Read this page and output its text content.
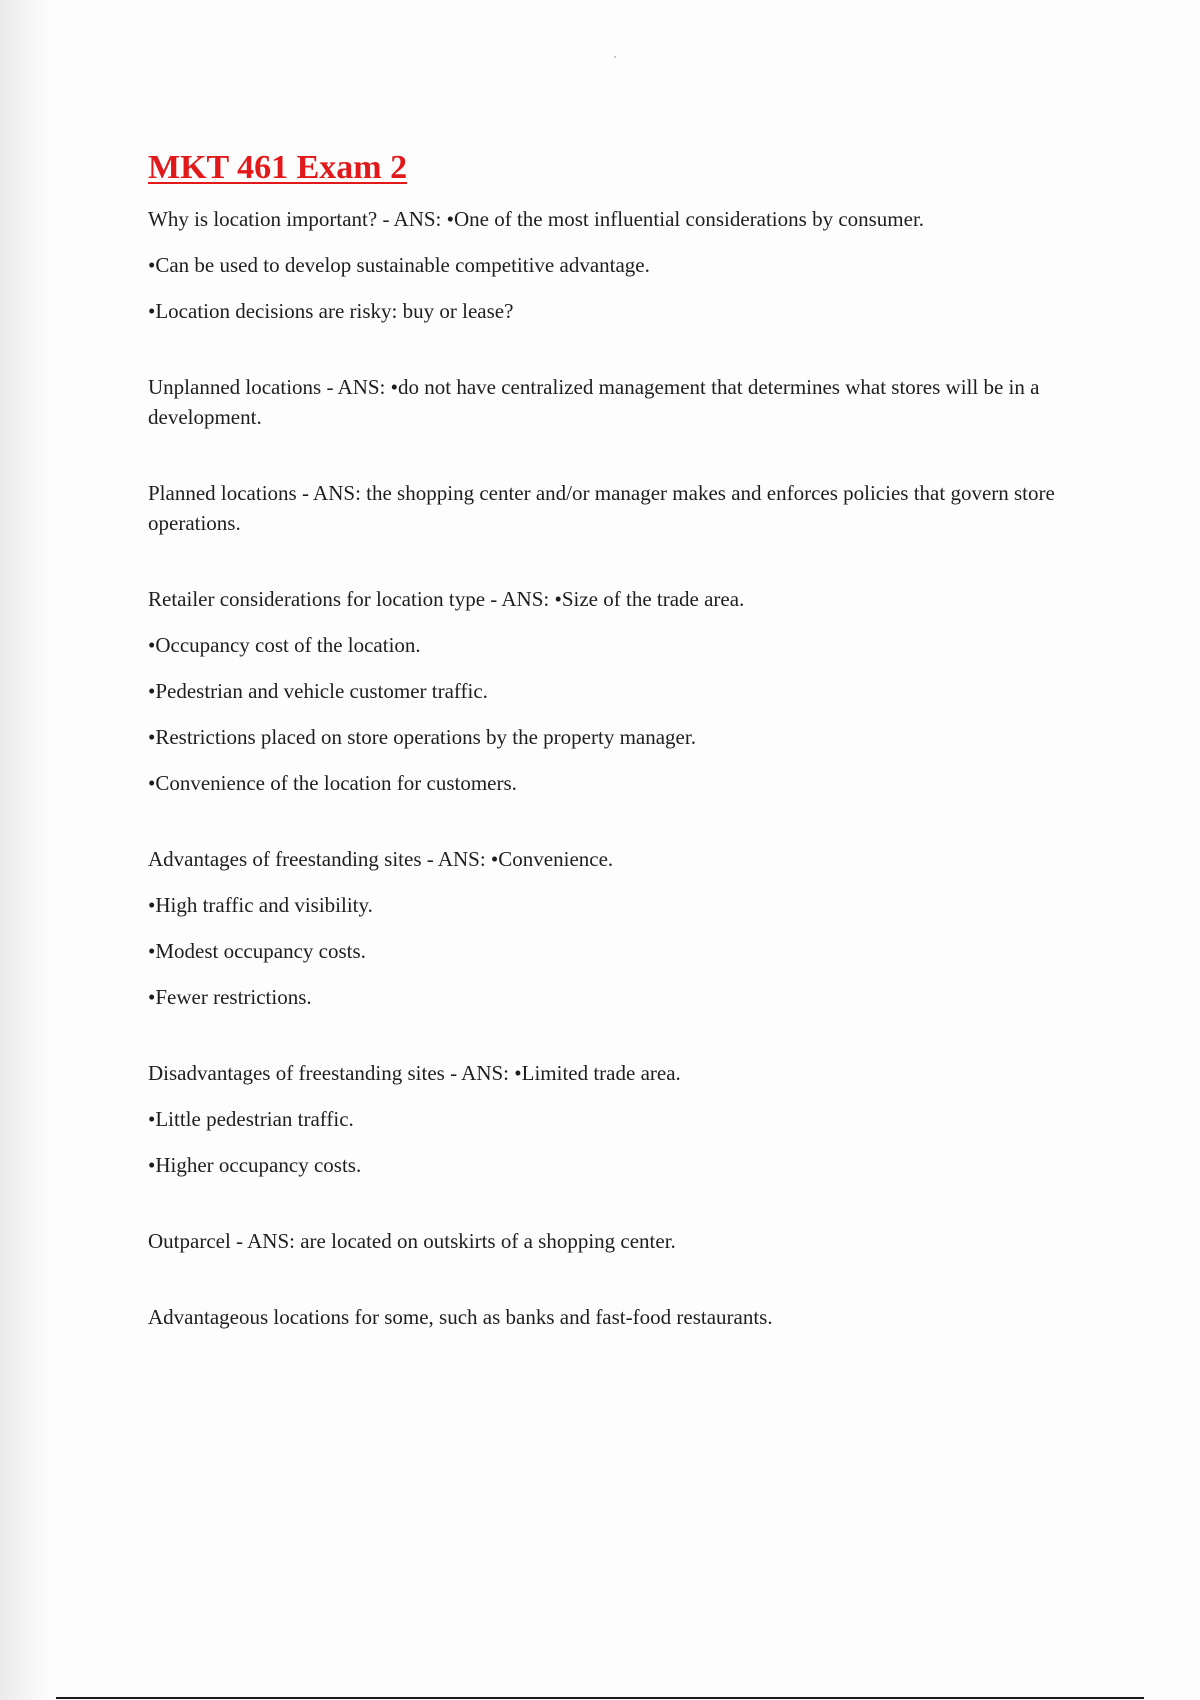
MKT 461 Exam 2

Why is location important? - ANS: •One of the most influential considerations by consumer.

•Can be used to develop sustainable competitive advantage.

•Location decisions are risky: buy or lease?

Unplanned locations - ANS: •do not have centralized management that determines what stores will be in a development.

Planned locations - ANS: the shopping center and/or manager makes and enforces policies that govern store operations.

Retailer considerations for location type - ANS: •Size of the trade area.

•Occupancy cost of the location.

•Pedestrian and vehicle customer traffic.

•Restrictions placed on store operations by the property manager.

•Convenience of the location for customers.

Advantages of freestanding sites - ANS: •Convenience.

•High traffic and visibility.

•Modest occupancy costs.

•Fewer restrictions.

Disadvantages of freestanding sites - ANS: •Limited trade area.

•Little pedestrian traffic.

•Higher occupancy costs.

Outparcel - ANS: are located on outskirts of a shopping center.

Advantageous locations for some, such as banks and fast-food restaurants.
